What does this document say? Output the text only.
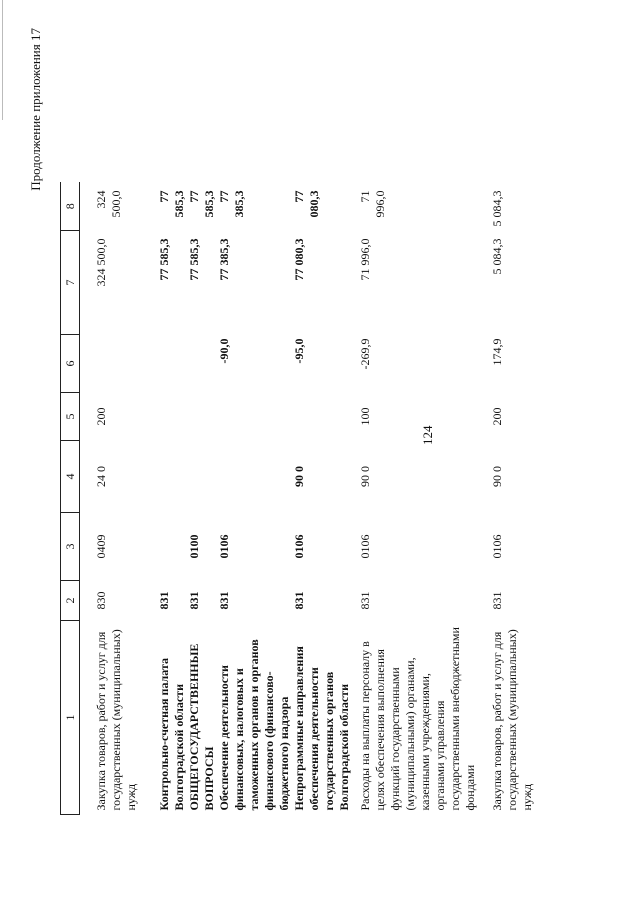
124
Продолжение приложения 17
1	2	3	4	5	6	7	8

Закупка товаров, работ и услуг для государственных (муниципальных) нужд	830	0409	24 0	200		324 500,0	324 500,0

Контрольно-счетная палата Волгоградской области	831					77 585,3	77 585,3
ОБЩЕГОСУДАРСТВЕННЫЕ ВОПРОСЫ	831	0100				77 585,3	77 585,3
Обеспечение деятельности финансовых, налоговых и таможенных органов и органов финансового (финансово-бюджетного) надзора	831	0106			-90,0	77 385,3	77 385,3
Непрограммные направления обеспечения деятельности государственных органов Волгоградской области	831	0106	90 0		-95,0	77 080,3	77 080,3

Расходы на выплаты персоналу в целях обеспечения выполнения функций государственными (муниципальными) органами, казенными учреждениями, органами управления государственными внебюджетными фондами	831	0106	90 0	100	-269,9	71 996,0	71 996,0

Закупка товаров, работ и услуг для государственных (муниципальных) нужд	831	0106	90 0	200	174,9	5 084,3	5 084,3
